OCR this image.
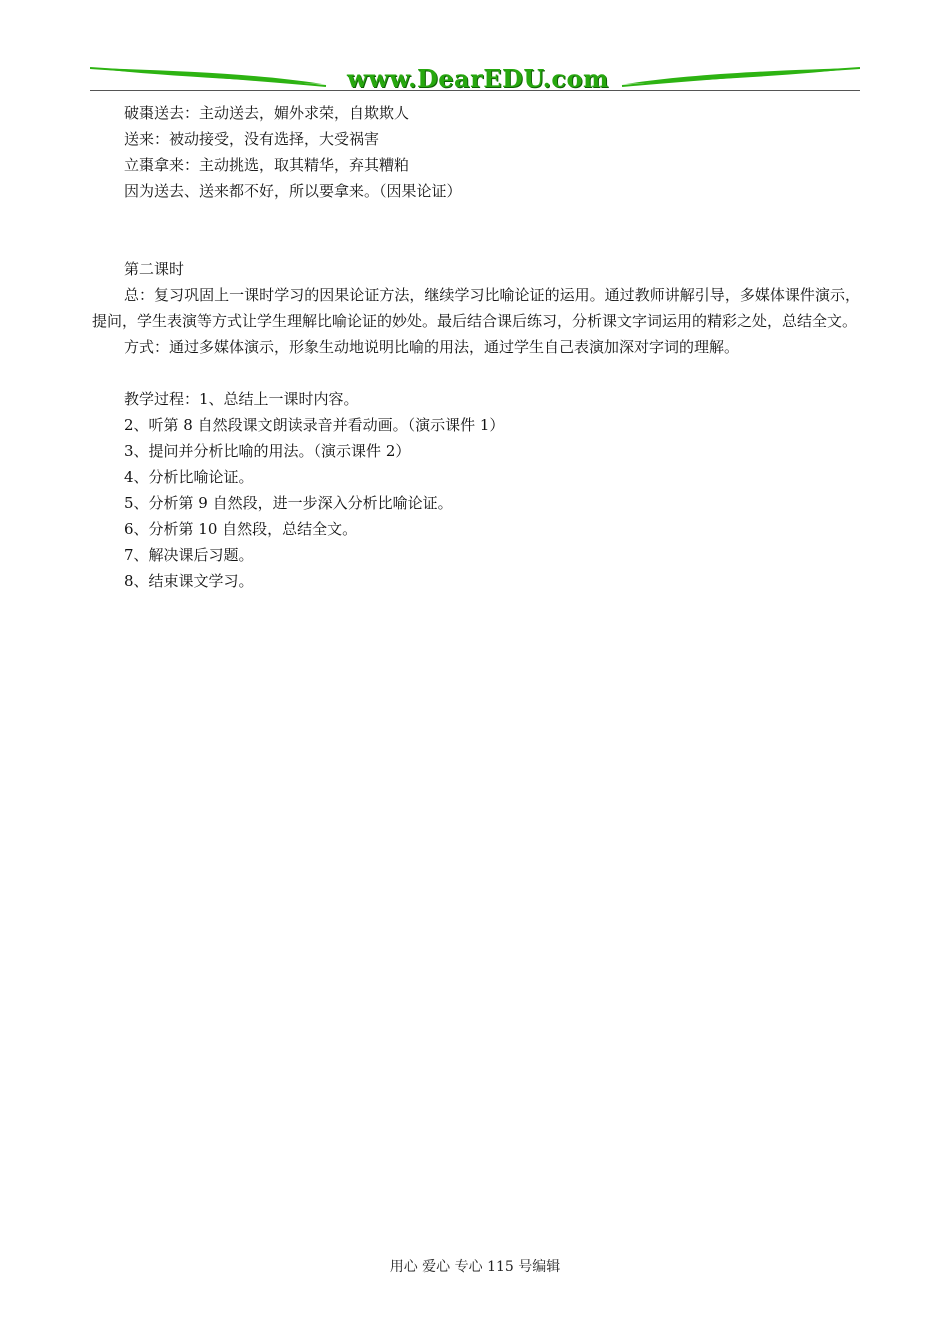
www.DearEDU.com

破棗送去：主动送去，媚外求荣，自欺欺人

送来：被动接受，没有选择，大受祸害

立棗拿来：主动挑选，取其精华，弃其糟粕

因为送去、送来都不好，所以要拿来。（因果论证）

第二课时

总：复习巩固上一课时学习的因果论证方法，继续学习比喻论证的运用。通过教师讲解引导，多媒体课件演示，提问，学生表演等方式让学生理解比喻论证的妙处。最后结合课后练习，分析课文字词运用的精彩之处，总结全文。

方式：通过多媒体演示，形象生动地说明比喻的用法，通过学生自己表演加深对字词的理解。

教学过程：1、总结上一课时内容。

2、听第 8 自然段课文朗读录音并看动画。（演示课件 1）

3、提问并分析比喻的用法。（演示课件 2）

4、分析比喻论证。

5、分析第 9 自然段，进一步深入分析比喻论证。

6、分析第 10 自然段，总结全文。

7、解决课后习题。

8、结束课文学习。

用心 爱心 专心 115 号编辑
